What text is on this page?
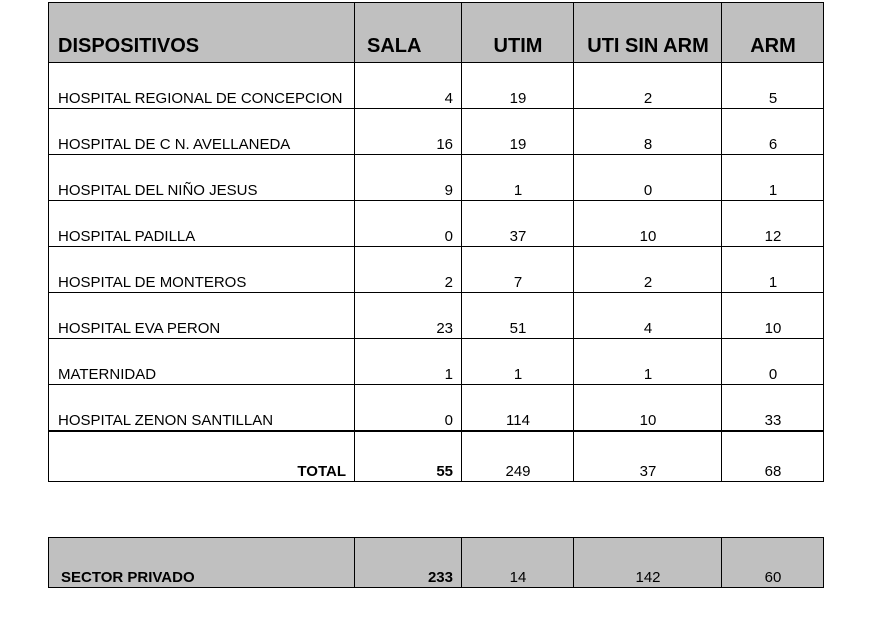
DISPOSITIVOS	SALA	UTIM	UTI SIN ARM	ARM
HOSPITAL REGIONAL DE CONCEPCION	4	19	2	5
HOSPITAL DE C N. AVELLANEDA	16	19	8	6
HOSPITAL DEL NIÑO JESUS	9	1	0	1
HOSPITAL PADILLA	0	37	10	12
HOSPITAL DE MONTEROS	2	7	2	1
HOSPITAL EVA PERON	23	51	4	10
MATERNIDAD	1	1	1	0
HOSPITAL ZENON SANTILLAN	0	114	10	33
TOTAL	55	249	37	68
SECTOR PRIVADO	233	14	142	60
